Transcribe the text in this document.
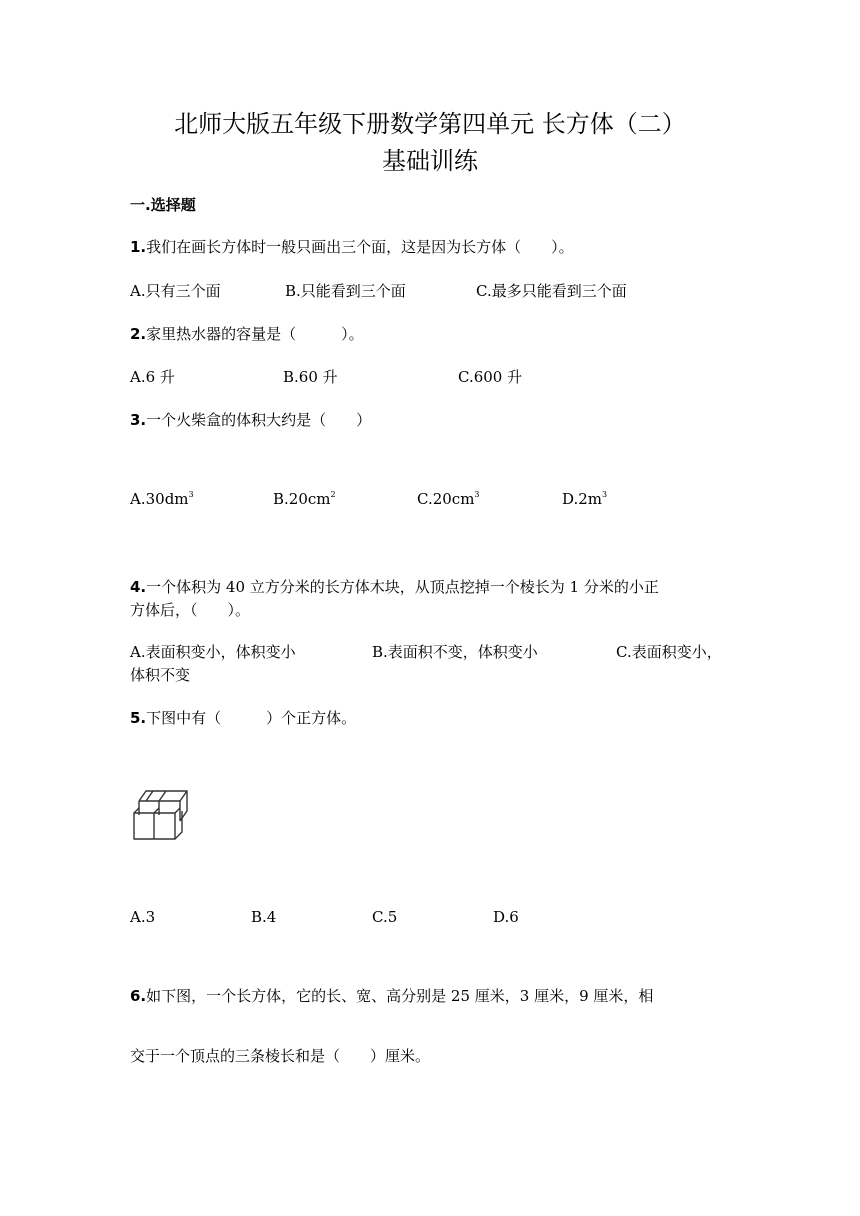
北师大版五年级下册数学第四单元 长方体（二）
基础训练
一.选择题
1.我们在画长方体时一般只画出三个面，这是因为长方体（　　）。
A.只有三个面	B.只能看到三个面	C.最多只能看到三个面
2.家里热水器的容量是（　　　）。
A.6 升	B.60 升	C.600 升
3.一个火柴盒的体积大约是（　　）
$A.30dm^3$	$B.20cm^2$	$C.20cm^3$	$D.2m^3$
4.一个体积为 40 立方分米的长方体木块，从顶点挖掉一个棱长为 1 分米的小正
方体后，（　　）。
A.表面积变小，体积变小	B.表面积不变，体积变小	C.表面积变小，
体积不变
5.下图中有（　　　）个正方体。
A.3	B.4	C.5	D.6
6.如下图，一个长方体，它的长、宽、高分别是 25 厘米，3 厘米，9 厘米，相
交于一个顶点的三条棱长和是（　　）厘米。
